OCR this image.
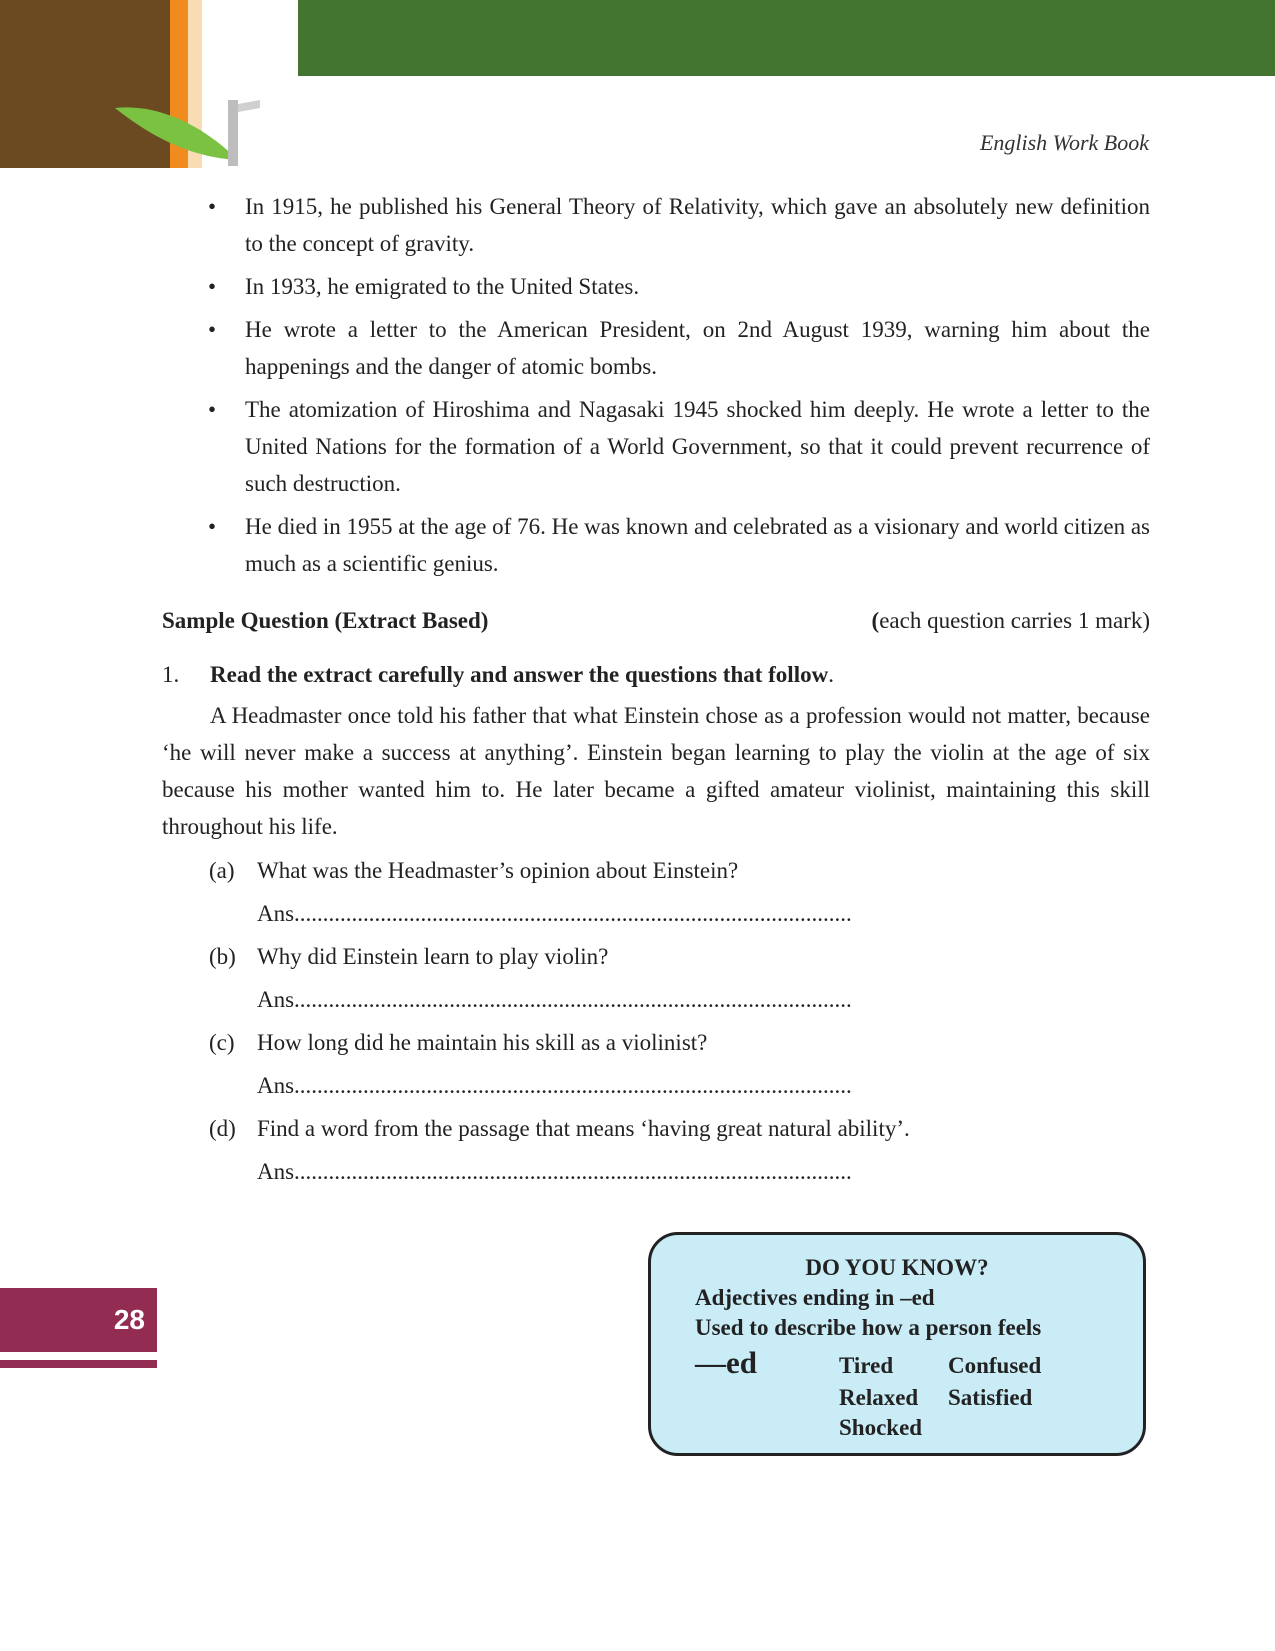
English Work Book
• In 1915, he published his General Theory of Relativity, which gave an absolutely new definition to the concept of gravity.
• In 1933, he emigrated to the United States.
• He wrote a letter to the American President, on 2nd August 1939, warning him about the happenings and the danger of atomic bombs.
• The atomization of Hiroshima and Nagasaki 1945 shocked him deeply. He wrote a letter to the United Nations for the formation of a World Government, so that it could prevent recurrence of such destruction.
• He died in 1955 at the age of 76. He was known and celebrated as a visionary and world citizen as much as a scientific genius.
Sample Question (Extract Based)	(each question carries 1 mark)
1.	Read the extract carefully and answer the questions that follow.
A Headmaster once told his father that what Einstein chose as a profession would not matter, because ‘he will never make a success at anything’. Einstein began learning to play the violin at the age of six because his mother wanted him to. He later became a gifted amateur violinist, maintaining this skill throughout his life.
(a) What was the Headmaster’s opinion about Einstein?
Ans.................................................................................................
(b) Why did Einstein learn to play violin?
Ans.................................................................................................
(c) How long did he maintain his skill as a violinist?
Ans.................................................................................................
(d) Find a word from the passage that means ‘having great natural ability’.
Ans.................................................................................................
DO YOU KNOW?
Adjectives ending in –ed
Used to describe how a person feels
—ed	Tired Confused
Relaxed Satisfied
Shocked
28
